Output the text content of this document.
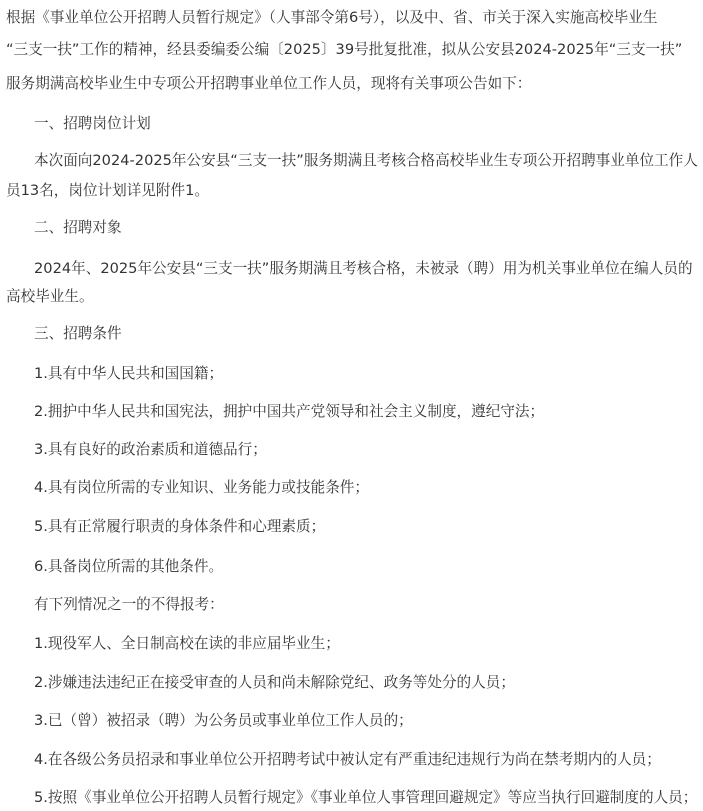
根据《事业单位公开招聘人员暂行规定》（人事部令第6号），以及中、省、市关于深入实施高校毕业生
“三支一扶”工作的精神，经县委编委公编〔2025〕39号批复批准，拟从公安县2024-2025年“三支一扶”
服务期满高校毕业生中专项公开招聘事业单位工作人员，现将有关事项公告如下：
一、招聘岗位计划
本次面向2024-2025年公安县“三支一扶”服务期满且考核合格高校毕业生专项公开招聘事业单位工作人
员13名，岗位计划详见附件1。
二、招聘对象
2024年、2025年公安县“三支一扶”服务期满且考核合格，未被录（聘）用为机关事业单位在编人员的
高校毕业生。
三、招聘条件
1.具有中华人民共和国国籍；
2.拥护中华人民共和国宪法，拥护中国共产党领导和社会主义制度，遵纪守法；
3.具有良好的政治素质和道德品行；
4.具有岗位所需的专业知识、业务能力或技能条件；
5.具有正常履行职责的身体条件和心理素质；
6.具备岗位所需的其他条件。
有下列情况之一的不得报考：
1.现役军人、全日制高校在读的非应届毕业生；
2.涉嫌违法违纪正在接受审查的人员和尚未解除党纪、政务等处分的人员；
3.已（曾）被招录（聘）为公务员或事业单位工作人员的；
4.在各级公务员招录和事业单位公开招聘考试中被认定有严重违纪违规行为尚在禁考期内的人员；
5.按照《事业单位公开招聘人员暂行规定》《事业单位人事管理回避规定》等应当执行回避制度的人员；
